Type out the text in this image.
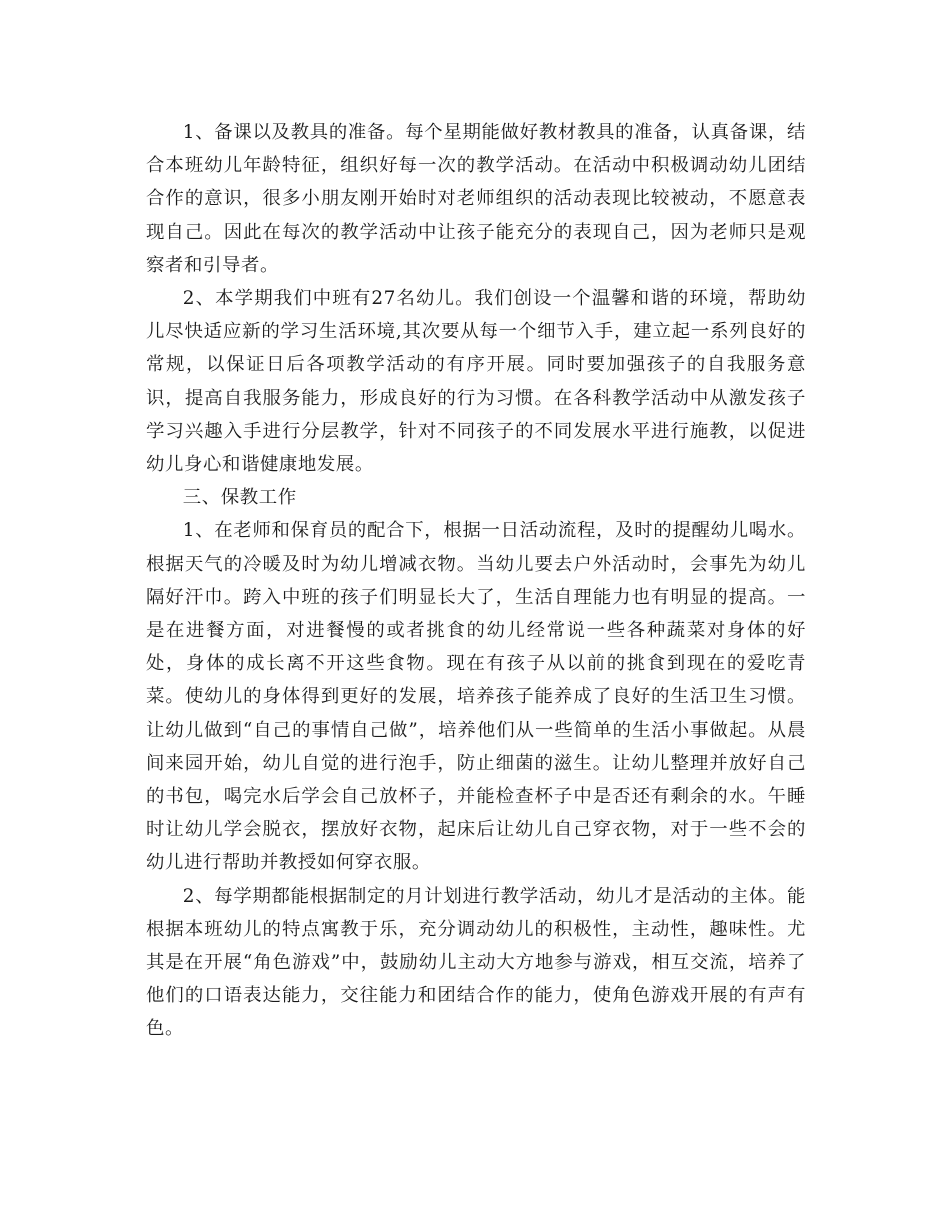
1、备课以及教具的准备。每个星期能做好教材教具的准备，认真备课，结合本班幼儿年龄特征，组织好每一次的教学活动。在活动中积极调动幼儿团结合作的意识，很多小朋友刚开始时对老师组织的活动表现比较被动，不愿意表现自己。因此在每次的教学活动中让孩子能充分的表现自己，因为老师只是观察者和引导者。

2、本学期我们中班有27名幼儿。我们创设一个温馨和谐的环境，帮助幼儿尽快适应新的学习生活环境,其次要从每一个细节入手，建立起一系列良好的常规，以保证日后各项教学活动的有序开展。同时要加强孩子的自我服务意识，提高自我服务能力，形成良好的行为习惯。在各科教学活动中从激发孩子学习兴趣入手进行分层教学，针对不同孩子的不同发展水平进行施教，以促进幼儿身心和谐健康地发展。

三、保教工作

1、在老师和保育员的配合下，根据一日活动流程，及时的提醒幼儿喝水。根据天气的冷暖及时为幼儿增减衣物。当幼儿要去户外活动时，会事先为幼儿隔好汗巾。跨入中班的孩子们明显长大了，生活自理能力也有明显的提高。一是在进餐方面，对进餐慢的或者挑食的幼儿经常说一些各种蔬菜对身体的好处，身体的成长离不开这些食物。现在有孩子从以前的挑食到现在的爱吃青菜。使幼儿的身体得到更好的发展，培养孩子能养成了良好的生活卫生习惯。让幼儿做到“自己的事情自己做”，培养他们从一些简单的生活小事做起。从晨间来园开始，幼儿自觉的进行泡手，防止细菌的滋生。让幼儿整理并放好自己的书包，喝完水后学会自己放杯子，并能检查杯子中是否还有剩余的水。午睡时让幼儿学会脱衣，摆放好衣物，起床后让幼儿自己穿衣物，对于一些不会的幼儿进行帮助并教授如何穿衣服。

2、每学期都能根据制定的月计划进行教学活动，幼儿才是活动的主体。能根据本班幼儿的特点寓教于乐，充分调动幼儿的积极性，主动性，趣味性。尤其是在开展“角色游戏”中，鼓励幼儿主动大方地参与游戏，相互交流，培养了他们的口语表达能力，交往能力和团结合作的能力，使角色游戏开展的有声有色。
